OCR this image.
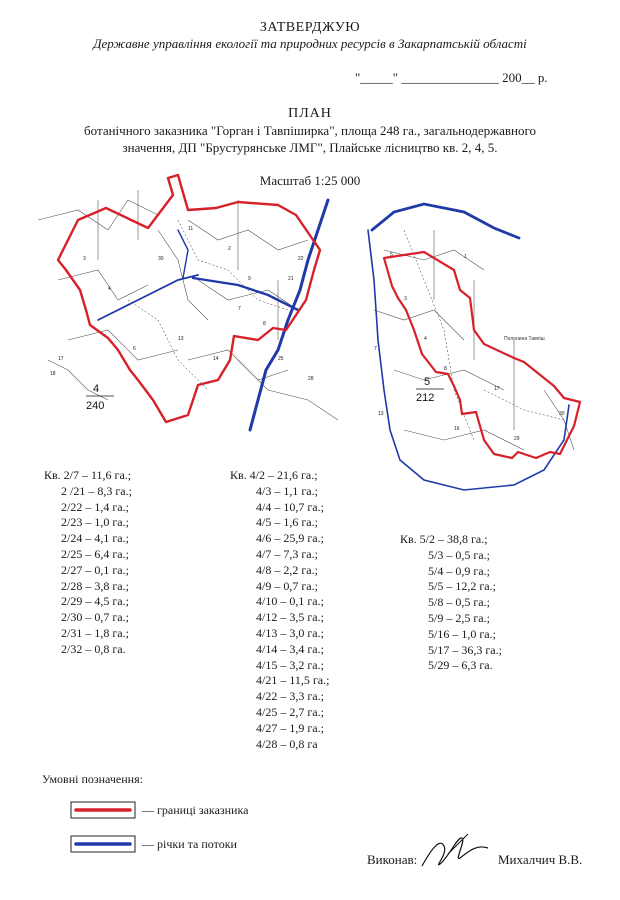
ЗАТВЕРДЖУЮ
Державне управління екології та природних ресурсів в Закарпатській області
"_____" _______________ 200__ р.
ПЛАН
ботанічного заказника "Горган і Тавпіширка", площа 248 га., загальнодержавного
значення, ДП "Брустурянське ЛМГ", Плайське лісництво кв. 2, 4, 5.
Масштаб 1:25 000
3
4
30
6
7
8
13
14
9	21
22
2
11
17
18
25
28
4
240
5	1
3
4
8
17
29
16
30
7
13
Полонина Тавпіш
5
212
Кв. 2/7 – 11,6 га.;
2 /21 – 8,3 га.;
2/22 – 1,4 га.;
2/23 – 1,0 га.;
2/24 – 4,1 га.;
2/25 – 6,4 га.;
2/27 – 0,1 га.;
2/28 – 3,8 га.;
2/29 – 4,5 га.;
2/30 – 0,7 га.;
2/31 – 1,8 га.;
2/32 – 0,8 га.
Кв. 4/2 – 21,6 га.;
4/3 – 1,1 га.;
4/4 – 10,7 га.;
4/5 – 1,6 га.;
4/6 – 25,9 га.;
4/7 – 7,3 га.;
4/8 – 2,2 га.;
4/9 – 0,7 га.;
4/10 – 0,1 га.;
4/12 – 3,5 га.;
4/13 – 3,0 га.;
4/14 – 3,4 га.;
4/15 – 3,2 га.;
4/21 – 11,5 га.;
4/22 – 3,3 га.;
4/25 – 2,7 га.;
4/27 – 1,9 га.;
4/28 – 0,8 га
Кв. 5/2 – 38,8 га.;
5/3 – 0,5 га.;
5/4 – 0,9 га.;
5/5 – 12,2 га.;
5/8 – 0,5 га.;
5/9 – 2,5 га.;
5/16 – 1,0 га.;
5/17 – 36,3 га.;
5/29 – 6,3 га.
Умовні позначення:
— границі заказника
— річки та потоки
Виконав:	Михалчич В.В.
